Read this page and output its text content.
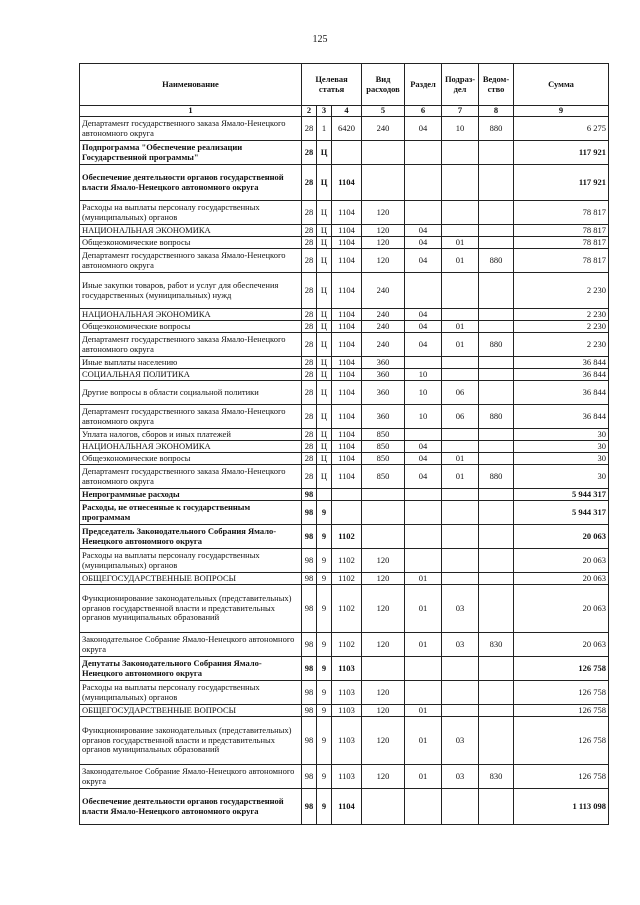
125
Наименование	Целевая статья			Вид расходов	Раздел	Подраз-дел	Ведом-ство	Сумма
1	2	3	4	5	6	7	8	9
Департамент государственного заказа Ямало-Ненецкого автономного округа	28	1	6420	240	04	10	880	6 275
Подпрограмма "Обеспечение реализации Государственной программы"	28	Ц						117 921
Обеспечение деятельности органов государственной власти Ямало-Ненецкого автономного округа	28	Ц	1104					117 921
Расходы на выплаты персоналу государственных (муниципальных) органов	28	Ц	1104	120				78 817
НАЦИОНАЛЬНАЯ ЭКОНОМИКА	28	Ц	1104	120	04			78 817
Общеэкономические вопросы	28	Ц	1104	120	04	01		78 817
Департамент государственного заказа Ямало-Ненецкого автономного округа	28	Ц	1104	120	04	01	880	78 817
Иные закупки товаров, работ и услуг для обеспечения государственных (муниципальных) нужд	28	Ц	1104	240				2 230
НАЦИОНАЛЬНАЯ ЭКОНОМИКА	28	Ц	1104	240	04			2 230
Общеэкономические вопросы	28	Ц	1104	240	04	01		2 230
Департамент государственного заказа Ямало-Ненецкого автономного округа	28	Ц	1104	240	04	01	880	2 230
Иные выплаты населению	28	Ц	1104	360				36 844
СОЦИАЛЬНАЯ ПОЛИТИКА	28	Ц	1104	360	10			36 844
Другие вопросы в области социальной политики	28	Ц	1104	360	10	06		36 844
Департамент государственного заказа Ямало-Ненецкого автономного округа	28	Ц	1104	360	10	06	880	36 844
Уплата налогов, сборов и иных платежей	28	Ц	1104	850				30
НАЦИОНАЛЬНАЯ ЭКОНОМИКА	28	Ц	1104	850	04			30
Общеэкономические вопросы	28	Ц	1104	850	04	01		30
Департамент государственного заказа Ямало-Ненецкого автономного округа	28	Ц	1104	850	04	01	880	30
Непрограммные расходы	98							5 944 317
Расходы, не отнесенные к государственным программам	98	9						5 944 317
Председатель Законодательного Собрания Ямало-Ненецкого автономного округа	98	9	1102					20 063
Расходы на выплаты персоналу государственных (муниципальных) органов	98	9	1102	120				20 063
ОБЩЕГОСУДАРСТВЕННЫЕ ВОПРОСЫ	98	9	1102	120	01			20 063
Функционирование законодательных (представительных) органов государственной власти и представительных органов муниципальных образований	98	9	1102	120	01	03		20 063
Законодательное Собрание Ямало-Ненецкого автономного округа	98	9	1102	120	01	03	830	20 063
Депутаты Законодательного Собрания Ямало-Ненецкого автономного округа	98	9	1103					126 758
Расходы на выплаты персоналу государственных (муниципальных) органов	98	9	1103	120				126 758
ОБЩЕГОСУДАРСТВЕННЫЕ ВОПРОСЫ	98	9	1103	120	01			126 758
Функционирование законодательных (представительных) органов государственной власти и представительных органов муниципальных образований	98	9	1103	120	01	03		126 758
Законодательное Собрание Ямало-Ненецкого автономного округа	98	9	1103	120	01	03	830	126 758
Обеспечение деятельности органов государственной власти Ямало-Ненецкого автономного округа	98	9	1104					1 113 098
